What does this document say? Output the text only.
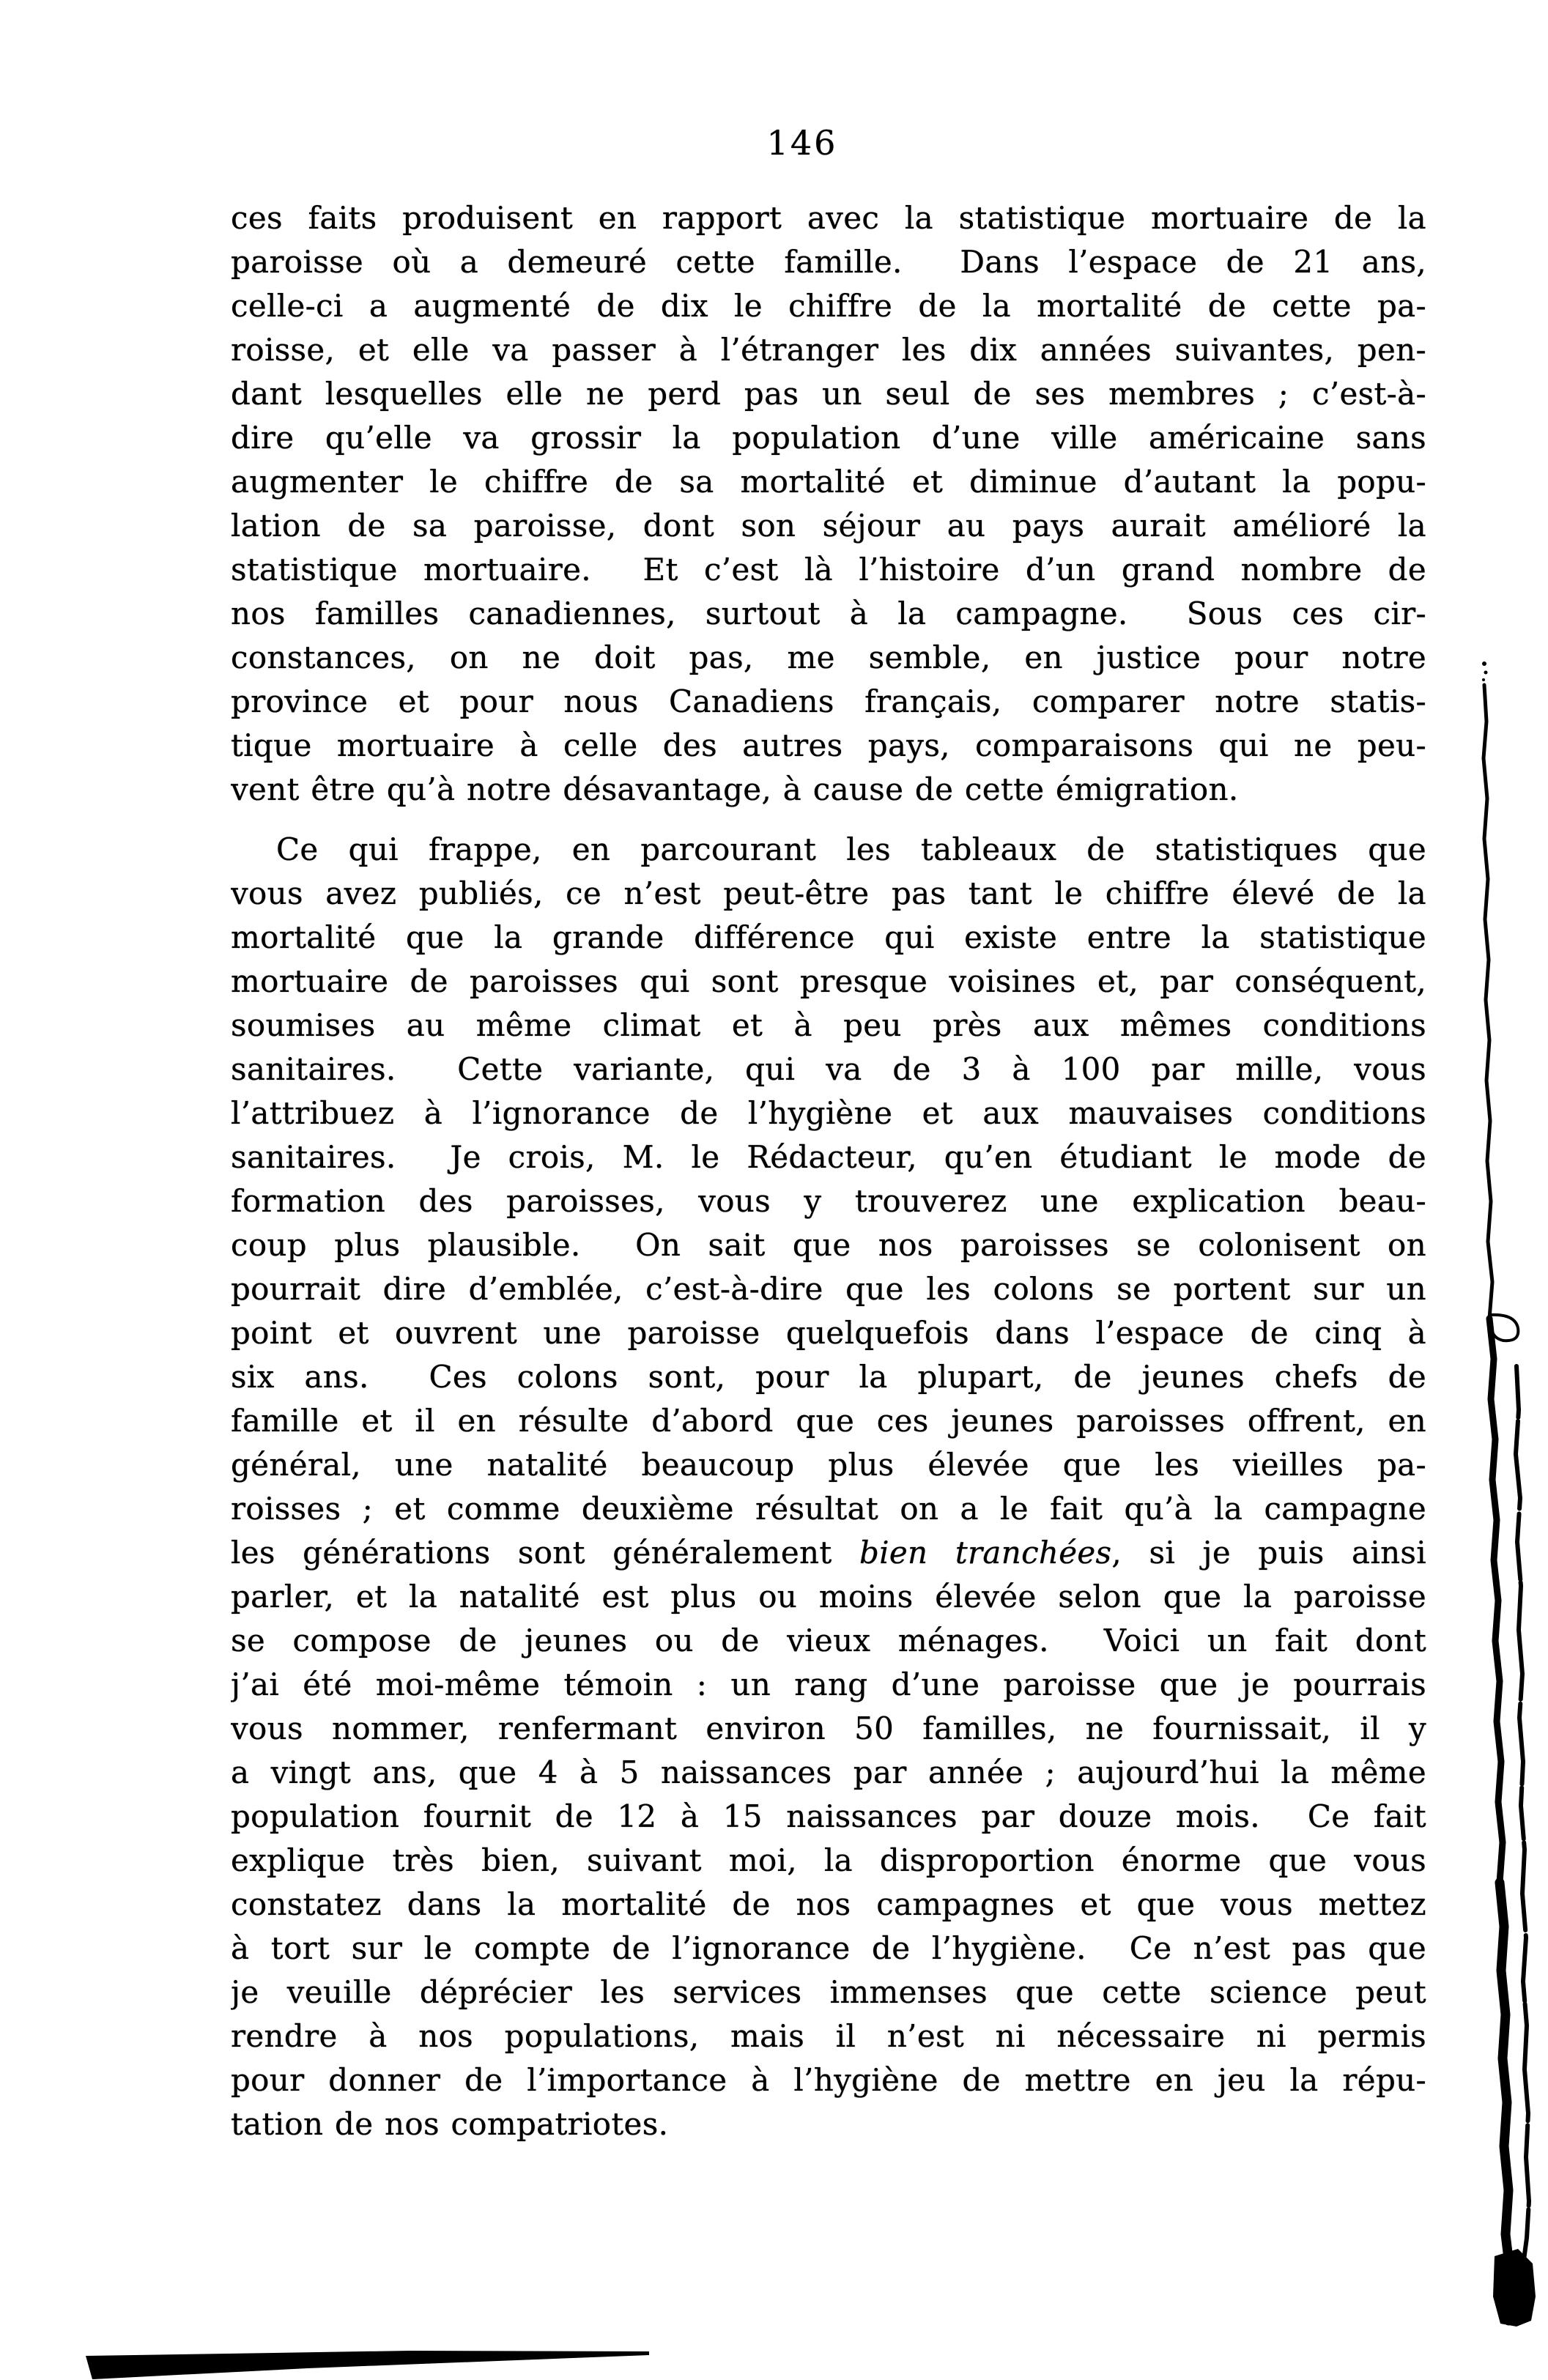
146
ces faits produisent en rapport avec la statistique mortuaire de la
paroisse où a demeuré cette famille.  Dans l’espace de 21 ans,
celle-ci a augmenté de dix le chiffre de la mortalité de cette pa-
roisse, et elle va passer à l’étranger les dix années suivantes, pen-
dant lesquelles elle ne perd pas un seul de ses membres ; c’est-à-
dire qu’elle va grossir la population d’une ville américaine sans
augmenter le chiffre de sa mortalité et diminue d’autant la popu-
lation de sa paroisse, dont son séjour au pays aurait amélioré la
statistique mortuaire.  Et c’est là l’histoire d’un grand nombre de
nos familles canadiennes, surtout à la campagne.  Sous ces cir-
constances, on ne doit pas, me semble, en justice pour notre
province et pour nous Canadiens français, comparer notre statis-
tique mortuaire à celle des autres pays, comparaisons qui ne peu-
vent être qu’à notre désavantage, à cause de cette émigration.
Ce qui frappe, en parcourant les tableaux de statistiques que
vous avez publiés, ce n’est peut-être pas tant le chiffre élevé de la
mortalité que la grande différence qui existe entre la statistique
mortuaire de paroisses qui sont presque voisines et, par conséquent,
soumises au même climat et à peu près aux mêmes conditions
sanitaires.  Cette variante, qui va de 3 à 100 par mille, vous
l’attribuez à l’ignorance de l’hygiène et aux mauvaises conditions
sanitaires.  Je crois, M. le Rédacteur, qu’en étudiant le mode de
formation des paroisses, vous y trouverez une explication beau-
coup plus plausible.  On sait que nos paroisses se colonisent on
pourrait dire d’emblée, c’est-à-dire que les colons se portent sur un
point et ouvrent une paroisse quelquefois dans l’espace de cinq à
six ans.  Ces colons sont, pour la plupart, de jeunes chefs de
famille et il en résulte d’abord que ces jeunes paroisses offrent, en
général, une natalité beaucoup plus élevée que les vieilles pa-
roisses ; et comme deuxième résultat on a le fait qu’à la campagne
les générations sont généralement bien tranchées, si je puis ainsi
parler, et la natalité est plus ou moins élevée selon que la paroisse
se compose de jeunes ou de vieux ménages.  Voici un fait dont
j’ai été moi-même témoin : un rang d’une paroisse que je pourrais
vous nommer, renfermant environ 50 familles, ne fournissait, il y
a vingt ans, que 4 à 5 naissances par année ; aujourd’hui la même
population fournit de 12 à 15 naissances par douze mois.  Ce fait
explique très bien, suivant moi, la disproportion énorme que vous
constatez dans la mortalité de nos campagnes et que vous mettez
à tort sur le compte de l’ignorance de l’hygiène.  Ce n’est pas que
je veuille déprécier les services immenses que cette science peut
rendre à nos populations, mais il n’est ni nécessaire ni permis
pour donner de l’importance à l’hygiène de mettre en jeu la répu-
tation de nos compatriotes.
